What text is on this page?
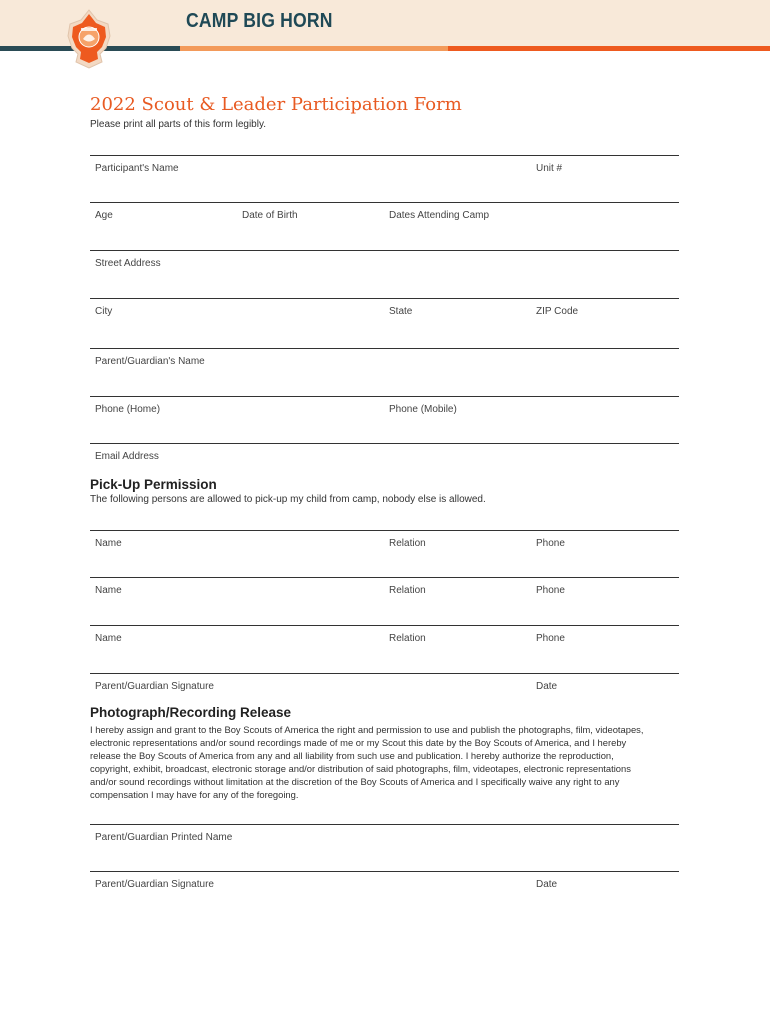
CAMP BIG HORN
2022 Scout & Leader Participation Form
Please print all parts of this form legibly.
Participant's Name	Unit #
Age	Date of Birth	Dates Attending Camp
Street Address
City	State	ZIP Code
Parent/Guardian's Name
Phone (Home)	Phone (Mobile)
Email Address
Pick-Up Permission
The following persons are allowed to pick-up my child from camp, nobody else is allowed.
Name	Relation	Phone
Name	Relation	Phone
Name	Relation	Phone
Parent/Guardian Signature	Date
Photograph/Recording Release
I hereby assign and grant to the Boy Scouts of America the right and permission to use and publish the photographs, film, videotapes, electronic representations and/or sound recordings made of me or my Scout this date by the Boy Scouts of America, and I hereby release the Boy Scouts of America from any and all liability from such use and publication. I hereby authorize the reproduction, copyright, exhibit, broadcast, electronic storage and/or distribution of said photographs, film, videotapes, electronic representations and/or sound recordings without limitation at the discretion of the Boy Scouts of America and I specifically waive any right to any compensation I may have for any of the foregoing.
Parent/Guardian Printed Name
Parent/Guardian Signature	Date
